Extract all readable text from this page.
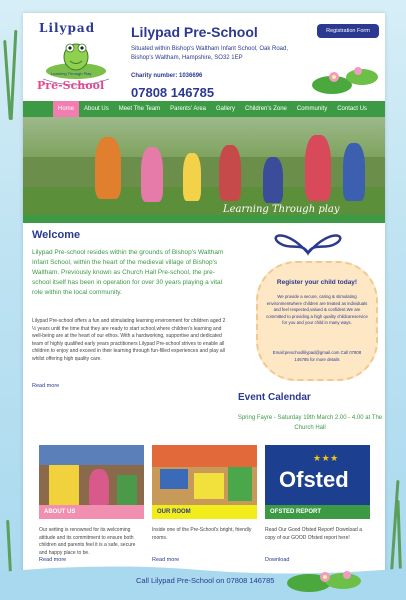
Lilypad
Pre-School
Learning Through Play
Lilypad Pre-School
Situated within Bishop's Waltham Infant School, Oak Road, Bishop's Waltham, Hampshire, SO32 1EP
Charity number: 1036696
07808 146785
Registration Form
Home	About Us	Meet The Team	Parents' Area	Gallery	Children's Zone	Community	Contact Us
Learning Through play
Welcome
Lilypad Pre-school resides within the grounds of Bishop's Waltham Infant School, within the heart of the medieval village of Bishop's Waltham. Previously known as Church Hall Pre-school, the pre-school itself has been in operation for over 30 years playing a vital role within the local community.
Lilypad Pre-school offers a fun and stimulating learning environment for children aged 2 ½ years until the time that they are ready to start school,where children's learning and well-being are at the heart of our ethos. With a hardworking, supportive and dedicated team of highly qualified early years practitioners Lilypad Pre-school strives to enable all children to enjoy and exceed in their learning through fun-filled experiences and play all whilst offering high quality care.
Read more
Register your child today!
We provide a secure, caring & stimulating environmentwhere children are treated as individuals and feel respected,valued & confident.We are committed to providing a high quality childcareservice for you and your child in many ways.
Email:preschoollilypad@gmail.com Call 07808 146785 for more details
Event Calendar
Spring Fayre - Saturday 19th March 2.00 - 4.00 at The Church Hall
ABOUT US
Our setting is renowned for its welcoming attitude and its commitment to ensure both children and parents feel it is a safe, secure and happy place to be.
Read more
OUR ROOM
Inside one of the Pre-School's bright, friendly rooms.
Read more
★ ★ ★
Ofsted
OFSTED REPORT
Read Our Good Ofsted Report! Download a copy of our GOOD Ofsted report here!
Download
Call Lilypad Pre-School on 07808 146785
